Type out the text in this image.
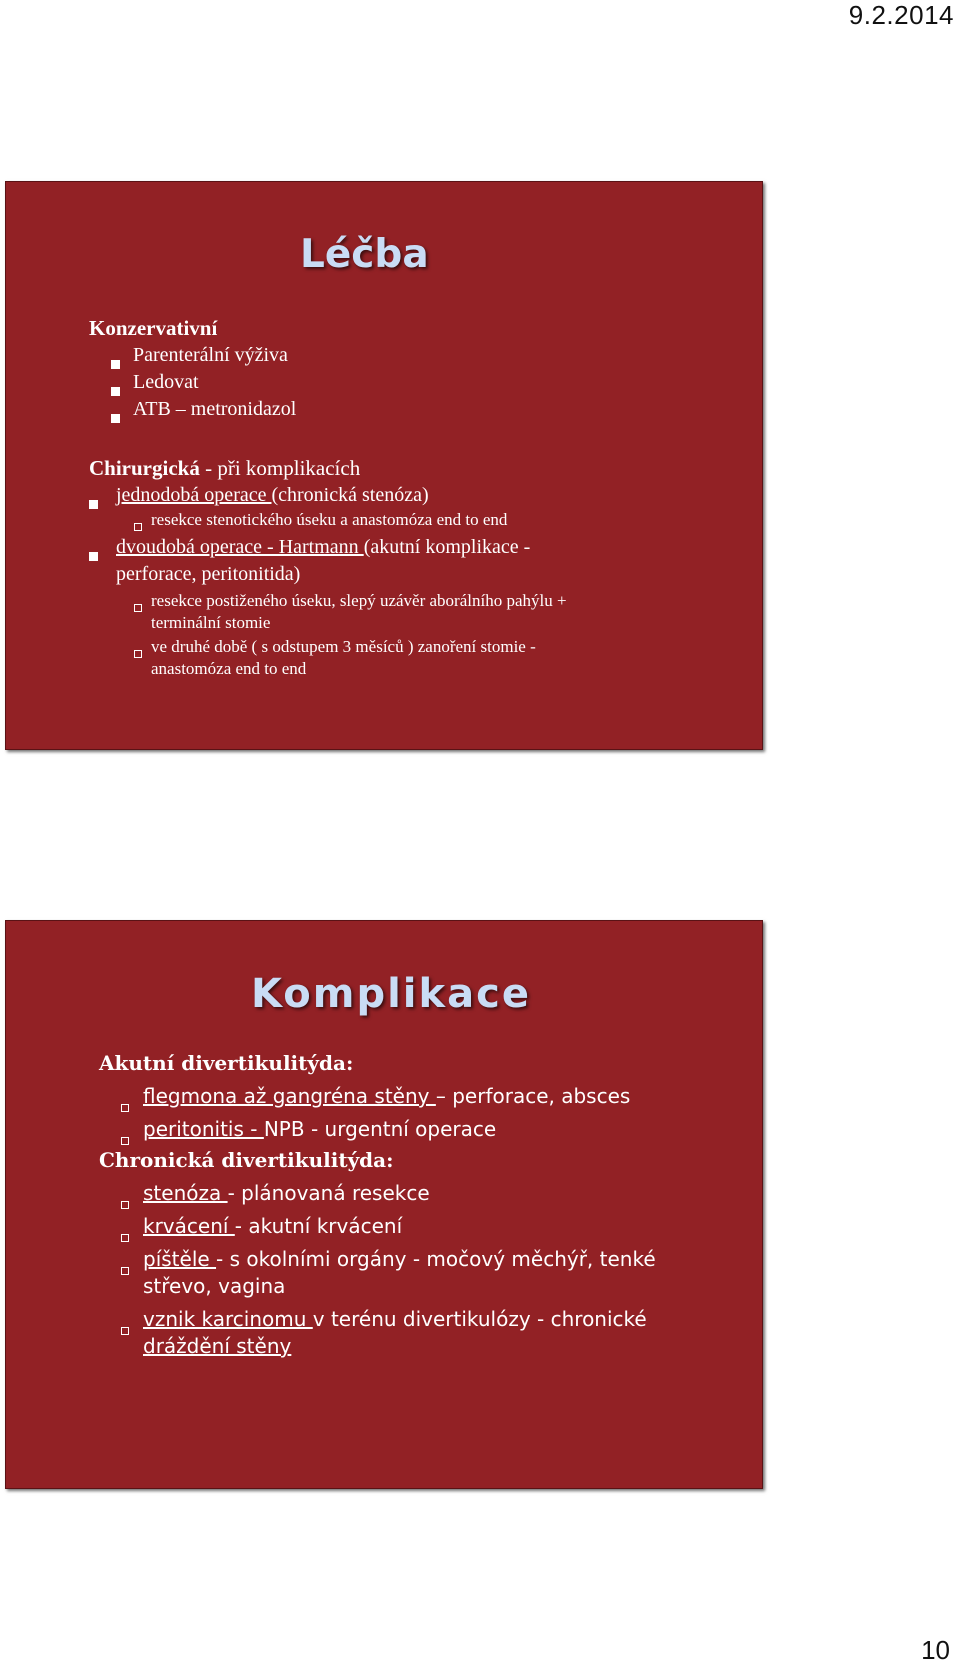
9.2.2014
Léčba
Konzervativní
Parenterální výživa
Ledovat
ATB – metronidazol
Chirurgická - při komplikacích
jednodobá operace (chronická stenóza)
resekce stenotického úseku a anastomóza end to end
dvoudobá operace - Hartmann (akutní komplikace -
perforace, peritonitida)
resekce postiženého úseku, slepý uzávěr aborálního pahýlu +
terminální stomie
ve druhé době ( s odstupem 3 měsíců ) zanoření stomie -
anastomóza end to end
Komplikace
Akutní divertikulitýda:
flegmona až gangréna stěny – perforace, absces
peritonitis - NPB - urgentní operace
Chronická divertikulitýda:
stenóza - plánovaná resekce
krvácení - akutní krvácení
píštěle - s okolními orgány - močový měchýř, tenké
střevo, vagina
vznik karcinomu v terénu divertikulózy - chronické
dráždění stěny
10
